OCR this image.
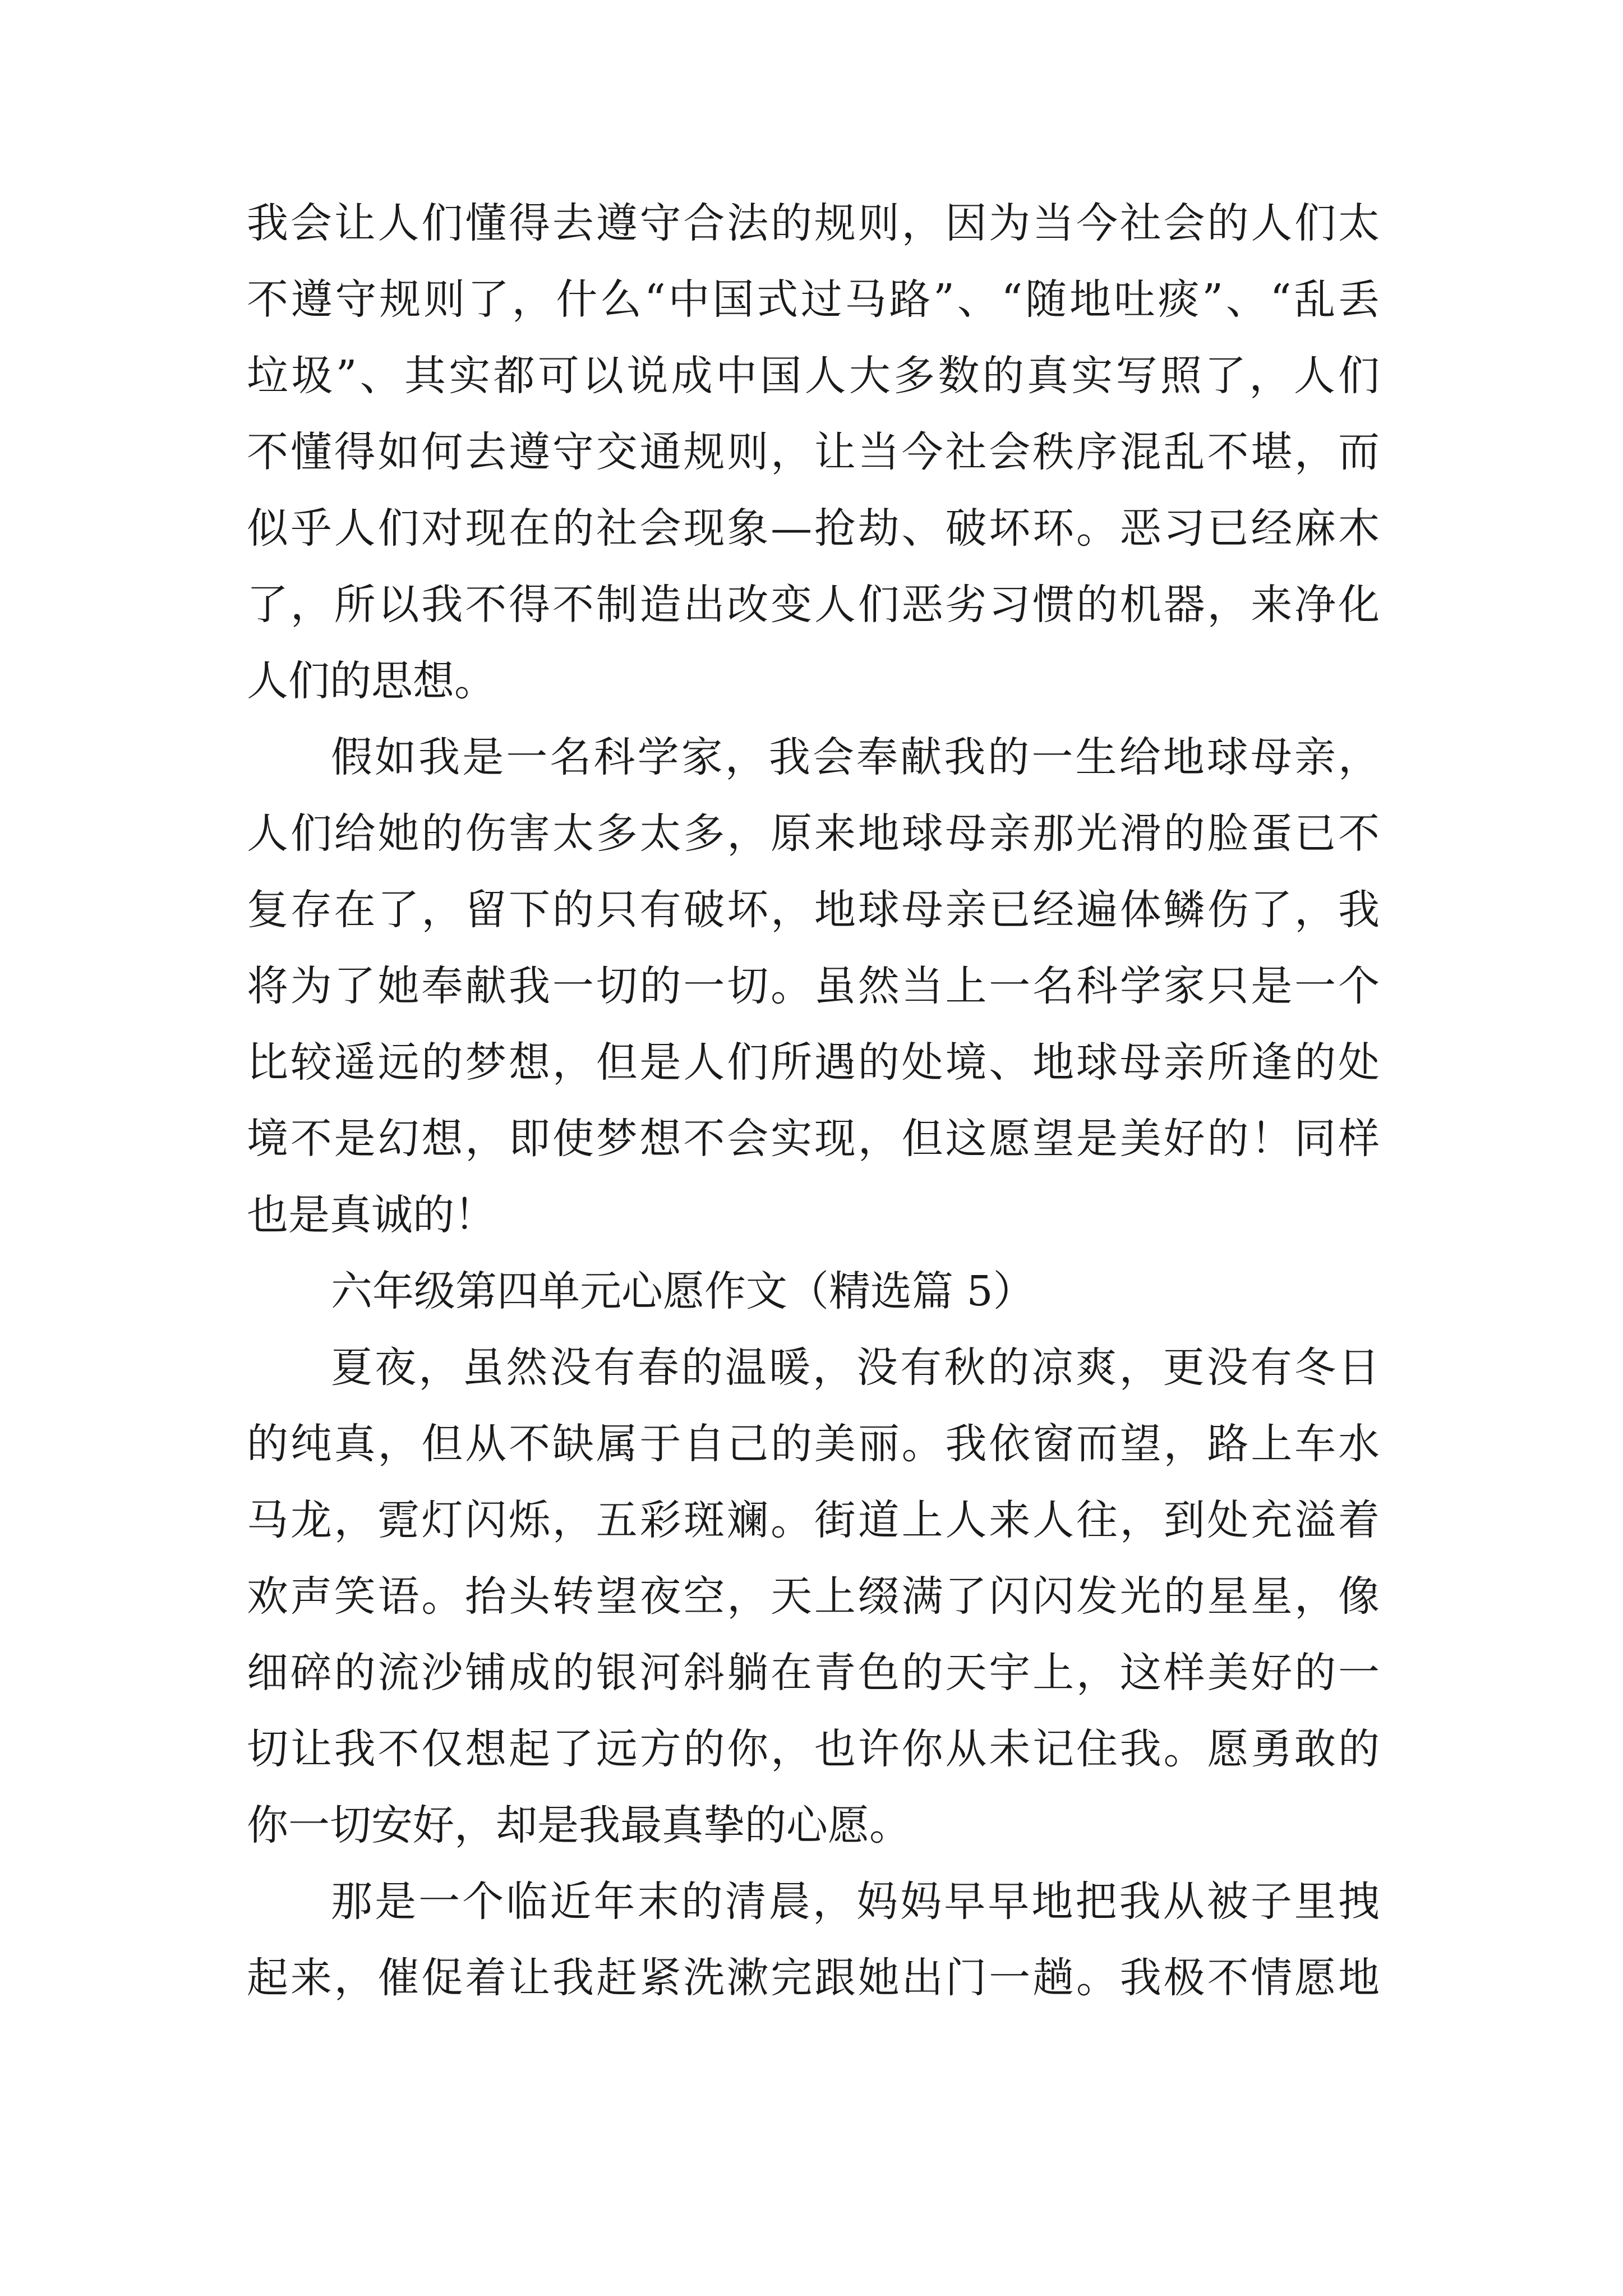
我会让人们懂得去遵守合法的规则，因为当今社会的人们太
不遵守规则了，什么“中国式过马路”、“随地吐痰”、“乱丢
垃圾”、其实都可以说成中国人大多数的真实写照了，人们
不懂得如何去遵守交通规则，让当今社会秩序混乱不堪，而
似乎人们对现在的社会现象—抢劫、破坏环。恶习已经麻木
了，所以我不得不制造出改变人们恶劣习惯的机器，来净化
人们的思想。
假如我是一名科学家，我会奉献我的一生给地球母亲，
人们给她的伤害太多太多，原来地球母亲那光滑的脸蛋已不
复存在了，留下的只有破坏，地球母亲已经遍体鳞伤了，我
将为了她奉献我一切的一切。虽然当上一名科学家只是一个
比较遥远的梦想，但是人们所遇的处境、地球母亲所逢的处
境不是幻想，即使梦想不会实现，但这愿望是美好的！同样
也是真诚的！
六年级第四单元心愿作文（精选篇 5）
夏夜，虽然没有春的温暖，没有秋的凉爽，更没有冬日
的纯真，但从不缺属于自己的美丽。我依窗而望，路上车水
马龙，霓灯闪烁，五彩斑斓。街道上人来人往，到处充溢着
欢声笑语。抬头转望夜空，天上缀满了闪闪发光的星星，像
细碎的流沙铺成的银河斜躺在青色的天宇上，这样美好的一
切让我不仅想起了远方的你，也许你从未记住我。愿勇敢的
你一切安好，却是我最真挚的心愿。
那是一个临近年末的清晨，妈妈早早地把我从被子里拽
起来，催促着让我赶紧洗漱完跟她出门一趟。我极不情愿地
